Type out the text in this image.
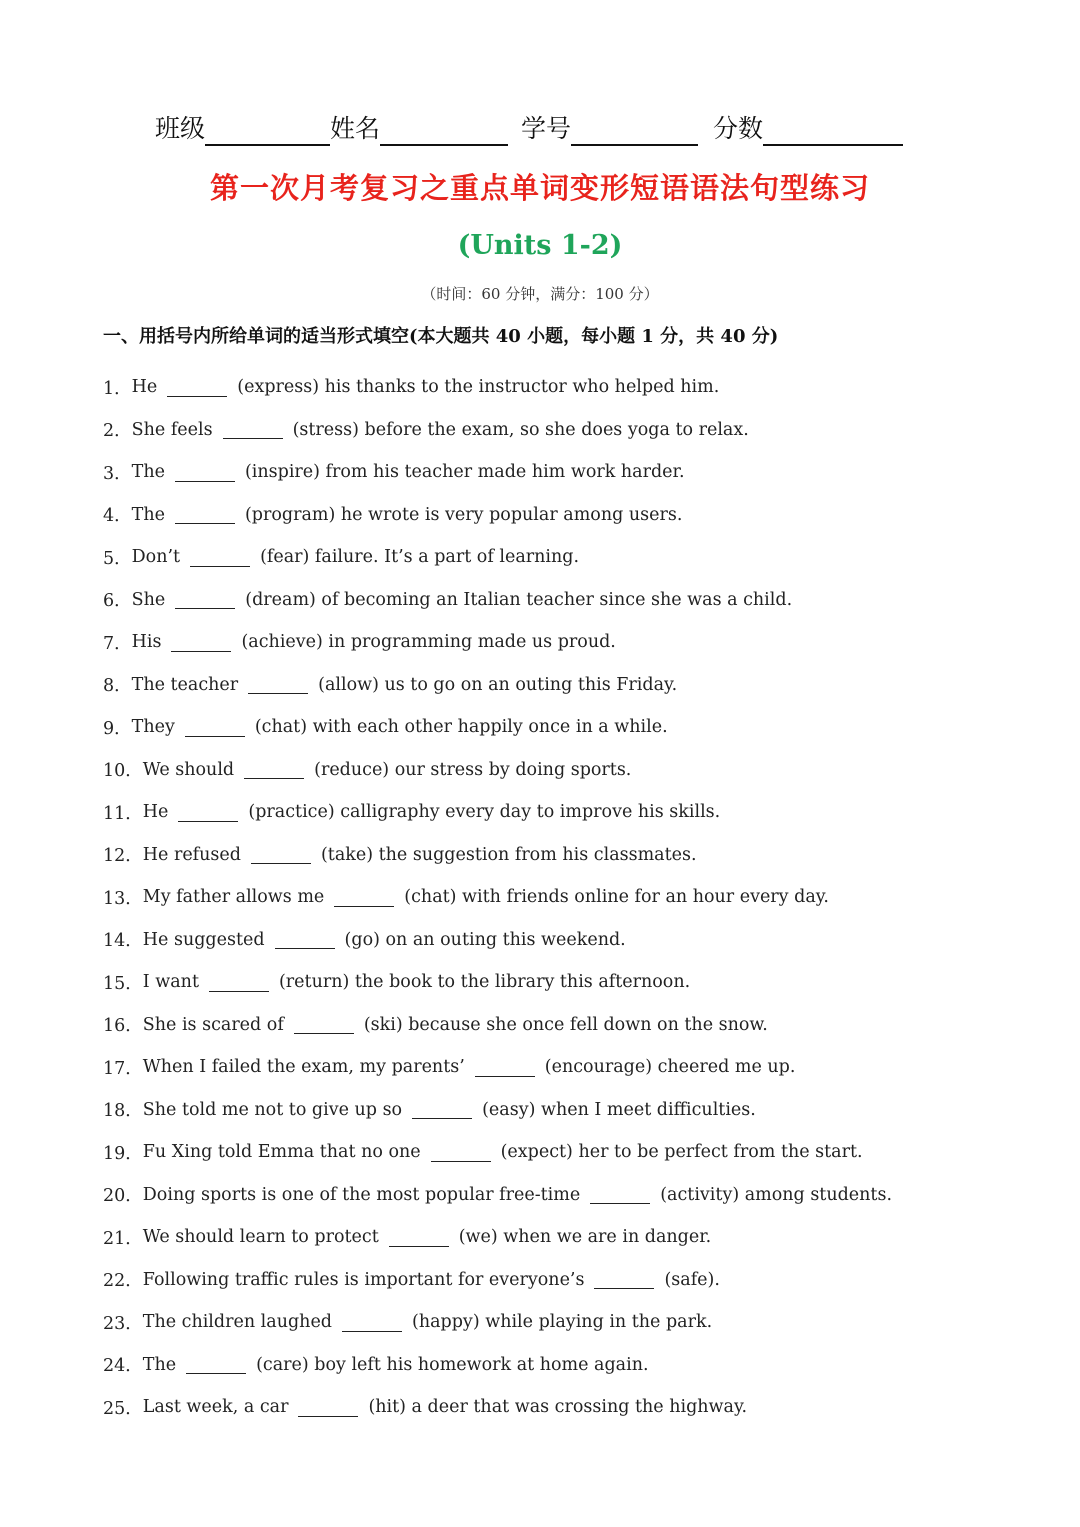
班级	姓名	学号	分数
第一次月考复习之重点单词变形短语语法句型练习
(Units 1-2)
（时间：60 分钟，满分：100 分）
一、用括号内所给单词的适当形式填空(本大题共 40 小题，每小题 1 分，共 40 分)
1． He	(express) his thanks to the instructor who helped him.
2． She feels	(stress) before the exam, so she does yoga to relax.
3． The	(inspire) from his teacher made him work harder.
4． The	(program) he wrote is very popular among users.
5． Don’t	(fear) failure. It’s a part of learning.
6． She	(dream) of becoming an Italian teacher since she was a child.
7． His	(achieve) in programming made us proud.
8． The teacher	(allow) us to go on an outing this Friday.
9． They	(chat) with each other happily once in a while.
10． We should	(reduce) our stress by doing sports.
11． He	(practice) calligraphy every day to improve his skills.
12． He refused	(take) the suggestion from his classmates.
13． My father allows me	(chat) with friends online for an hour every day.
14． He suggested	(go) on an outing this weekend.
15． I want	(return) the book to the library this afternoon.
16． She is scared of	(ski) because she once fell down on the snow.
17． When I failed the exam, my parents’	(encourage) cheered me up.
18． She told me not to give up so	(easy) when I meet difficulties.
19． Fu Xing told Emma that no one	(expect) her to be perfect from the start.
20． Doing sports is one of the most popular free-time	(activity) among students.
21． We should learn to protect	(we) when we are in danger.
22． Following traffic rules is important for everyone’s	(safe).
23． The children laughed	(happy) while playing in the park.
24． The	(care) boy left his homework at home again.
25． Last week, a car	(hit) a deer that was crossing the highway.
